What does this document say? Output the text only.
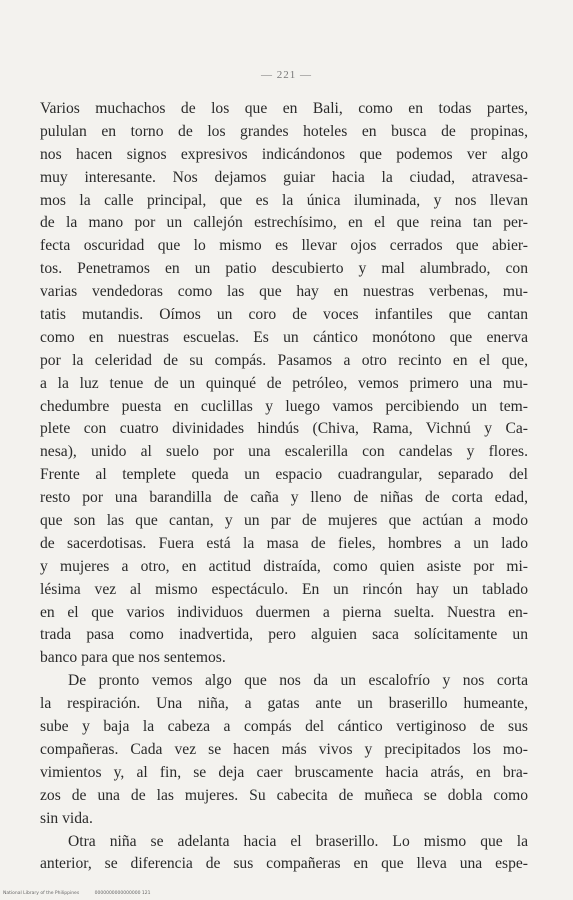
— 221 —
Varios muchachos de los que en Bali, como en todas partes,
pululan en torno de los grandes hoteles en busca de propinas,
nos hacen signos expresivos indicándonos que podemos ver algo
muy interesante. Nos dejamos guiar hacia la ciudad, atravesa-
mos la calle principal, que es la única iluminada, y nos llevan
de la mano por un callejón estrechísimo, en el que reina tan per-
fecta oscuridad que lo mismo es llevar ojos cerrados que abier-
tos. Penetramos en un patio descubierto y mal alumbrado, con
varias vendedoras como las que hay en nuestras verbenas, mu-
tatis mutandis. Oímos un coro de voces infantiles que cantan
como en nuestras escuelas. Es un cántico monótono que enerva
por la celeridad de su compás. Pasamos a otro recinto en el que,
a la luz tenue de un quinqué de petróleo, vemos primero una mu-
chedumbre puesta en cuclillas y luego vamos percibiendo un tem-
plete con cuatro divinidades hindús (Chiva, Rama, Vichnú y Ca-
nesa), unido al suelo por una escalerilla con candelas y flores.
Frente al templete queda un espacio cuadrangular, separado del
resto por una barandilla de caña y lleno de niñas de corta edad,
que son las que cantan, y un par de mujeres que actúan a modo
de sacerdotisas. Fuera está la masa de fieles, hombres a un lado
y mujeres a otro, en actitud distraída, como quien asiste por mi-
lésima vez al mismo espectáculo. En un rincón hay un tablado
en el que varios individuos duermen a pierna suelta. Nuestra en-
trada pasa como inadvertida, pero alguien saca solícitamente un
banco para que nos sentemos.
De pronto vemos algo que nos da un escalofrío y nos corta
la respiración. Una niña, a gatas ante un braserillo humeante,
sube y baja la cabeza a compás del cántico vertiginoso de sus
compañeras. Cada vez se hacen más vivos y precipitados los mo-
vimientos y, al fin, se deja caer bruscamente hacia atrás, en bra-
zos de una de las mujeres. Su cabecita de muñeca se dobla como
sin vida.
Otra niña se adelanta hacia el braserillo. Lo mismo que la
anterior, se diferencia de sus compañeras en que lleva una espe-
National Library of the Philippines	0000000000000000 121
